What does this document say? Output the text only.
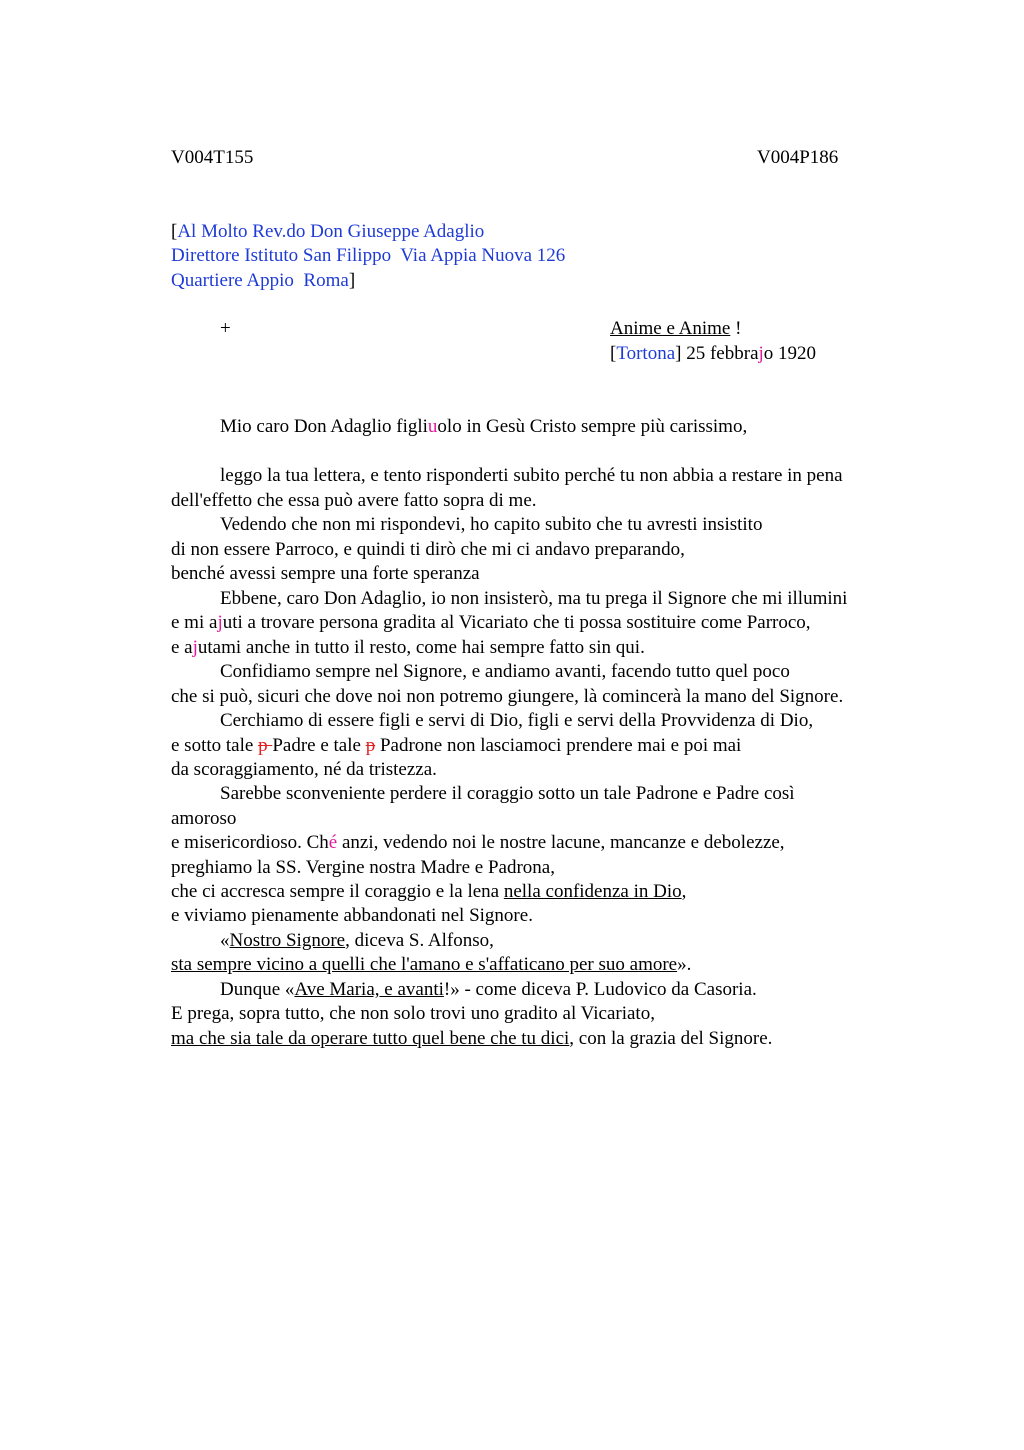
V004T155	V004P186
[Al Molto Rev.do Don Giuseppe Adaglio
Direttore Istituto San Filippo  Via Appia Nuova 126
Quartiere Appio  Roma]
+	Anime e Anime !
[Tortona] 25 febbrajo 1920
Mio caro Don Adaglio figliuolo in Gesù Cristo sempre più carissimo,
leggo la tua lettera, e tento risponderti subito perché tu non abbia a restare in pena
dell'effetto che essa può avere fatto sopra di me.
Vedendo che non mi rispondevi, ho capito subito che tu avresti insistito
di non essere Parroco, e quindi ti dirò che mi ci andavo preparando,
benché avessi sempre una forte speranza
Ebbene, caro Don Adaglio, io non insisterò, ma tu prega il Signore che mi illumini
e mi ajuti a trovare persona gradita al Vicariato che ti possa sostituire come Parroco,
e ajutami anche in tutto il resto, come hai sempre fatto sin qui.
Confidiamo sempre nel Signore, e andiamo avanti, facendo tutto quel poco
che si può, sicuri che dove noi non potremo giungere, là comincerà la mano del Signore.
Cerchiamo di essere figli e servi di Dio, figli e servi della Provvidenza di Dio,
e sotto tale p Padre e tale p Padrone non lasciamoci prendere mai e poi mai
da scoraggiamento, né da tristezza.
Sarebbe sconveniente perdere il coraggio sotto un tale Padrone e Padre così
amoroso
e misericordioso. Ché anzi, vedendo noi le nostre lacune, mancanze e debolezze,
preghiamo la SS. Vergine nostra Madre e Padrona,
che ci accresca sempre il coraggio e la lena nella confidenza in Dio,
e viviamo pienamente abbandonati nel Signore.
«Nostro Signore, diceva S. Alfonso,
sta sempre vicino a quelli che l'amano e s'affaticano per suo amore».
Dunque «Ave Maria, e avanti!» - come diceva P. Ludovico da Casoria.
E prega, sopra tutto, che non solo trovi uno gradito al Vicariato,
ma che sia tale da operare tutto quel bene che tu dici, con la grazia del Signore.
